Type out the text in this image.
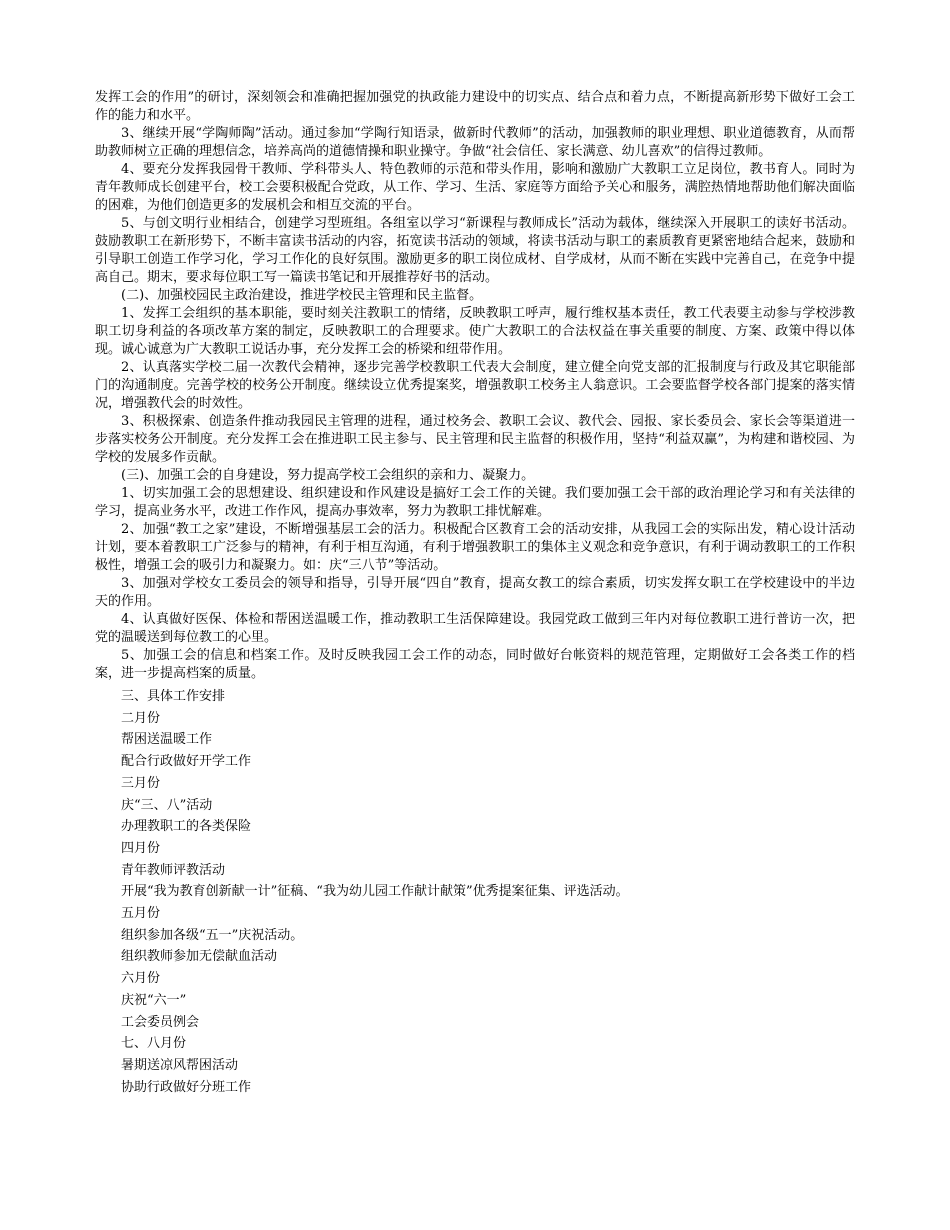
发挥工会的作用”的研讨，深刻领会和准确把握加强党的执政能力建设中的切实点、结合点和着力点，不断提高新形势下做好工会工作的能力和水平。

3、继续开展“学陶师陶”活动。通过参加“学陶行知语录，做新时代教师”的活动，加强教师的职业理想、职业道德教育，从而帮助教师树立正确的理想信念，培养高尚的道德情操和职业操守。争做“社会信任、家长满意、幼儿喜欢”的信得过教师。

4、要充分发挥我园骨干教师、学科带头人、特色教师的示范和带头作用，影响和激励广大教职工立足岗位，教书育人。同时为青年教师成长创建平台，校工会要积极配合党政，从工作、学习、生活、家庭等方面给予关心和服务，满腔热情地帮助他们解决面临的困难，为他们创造更多的发展机会和相互交流的平台。

5、与创文明行业相结合，创建学习型班组。各组室以学习“新课程与教师成长”活动为载体，继续深入开展职工的读好书活动。鼓励教职工在新形势下，不断丰富读书活动的内容，拓宽读书活动的领域，将读书活动与职工的素质教育更紧密地结合起来，鼓励和引导职工创造工作学习化，学习工作化的良好氛围。激励更多的职工岗位成材、自学成材，从而不断在实践中完善自己，在竞争中提高自己。期末，要求每位职工写一篇读书笔记和开展推荐好书的活动。

(二)、加强校园民主政治建设，推进学校民主管理和民主监督。

1、发挥工会组织的基本职能，要时刻关注教职工的情绪，反映教职工呼声，履行维权基本责任，教工代表要主动参与学校涉教职工切身利益的各项改革方案的制定，反映教职工的合理要求。使广大教职工的合法权益在事关重要的制度、方案、政策中得以体现。诚心诚意为广大教职工说话办事，充分发挥工会的桥梁和纽带作用。

2、认真落实学校二届一次教代会精神，逐步完善学校教职工代表大会制度，建立健全向党支部的汇报制度与行政及其它职能部门的沟通制度。完善学校的校务公开制度。继续设立优秀提案奖，增强教职工校务主人翁意识。工会要监督学校各部门提案的落实情况，增强教代会的时效性。

3、积极探索、创造条件推动我园民主管理的进程，通过校务会、教职工会议、教代会、园报、家长委员会、家长会等渠道进一步落实校务公开制度。充分发挥工会在推进职工民主参与、民主管理和民主监督的积极作用，坚持“利益双赢”，为构建和谐校园、为学校的发展多作贡献。

(三)、加强工会的自身建设，努力提高学校工会组织的亲和力、凝聚力。

1、切实加强工会的思想建设、组织建设和作风建设是搞好工会工作的关键。我们要加强工会干部的政治理论学习和有关法律的学习，提高业务水平，改进工作作风，提高办事效率，努力为教职工排忧解难。

2、加强“教工之家”建设，不断增强基层工会的活力。积极配合区教育工会的活动安排，从我园工会的实际出发，精心设计活动计划，要本着教职工广泛参与的精神，有利于相互沟通，有利于增强教职工的集体主义观念和竞争意识，有利于调动教职工的工作积极性，增强工会的吸引力和凝聚力。如：庆“三八节”等活动。

3、加强对学校女工委员会的领导和指导，引导开展“四自”教育，提高女教工的综合素质，切实发挥女职工在学校建设中的半边天的作用。

4、认真做好医保、体检和帮困送温暖工作，推动教职工生活保障建设。我园党政工做到三年内对每位教职工进行普访一次，把党的温暖送到每位教工的心里。

5、加强工会的信息和档案工作。及时反映我园工会工作的动态，同时做好台帐资料的规范管理，定期做好工会各类工作的档案，进一步提高档案的质量。

三、具体工作安排

二月份

帮困送温暖工作

配合行政做好开学工作

三月份

庆“三、八”活动

办理教职工的各类保险

四月份

青年教师评教活动

开展“我为教育创新献一计”征稿、“我为幼儿园工作献计献策”优秀提案征集、评选活动。

五月份

组织参加各级“五一”庆祝活动。

组织教师参加无偿献血活动

六月份

庆祝“六一”

工会委员例会

七、八月份

暑期送凉风帮困活动

协助行政做好分班工作
